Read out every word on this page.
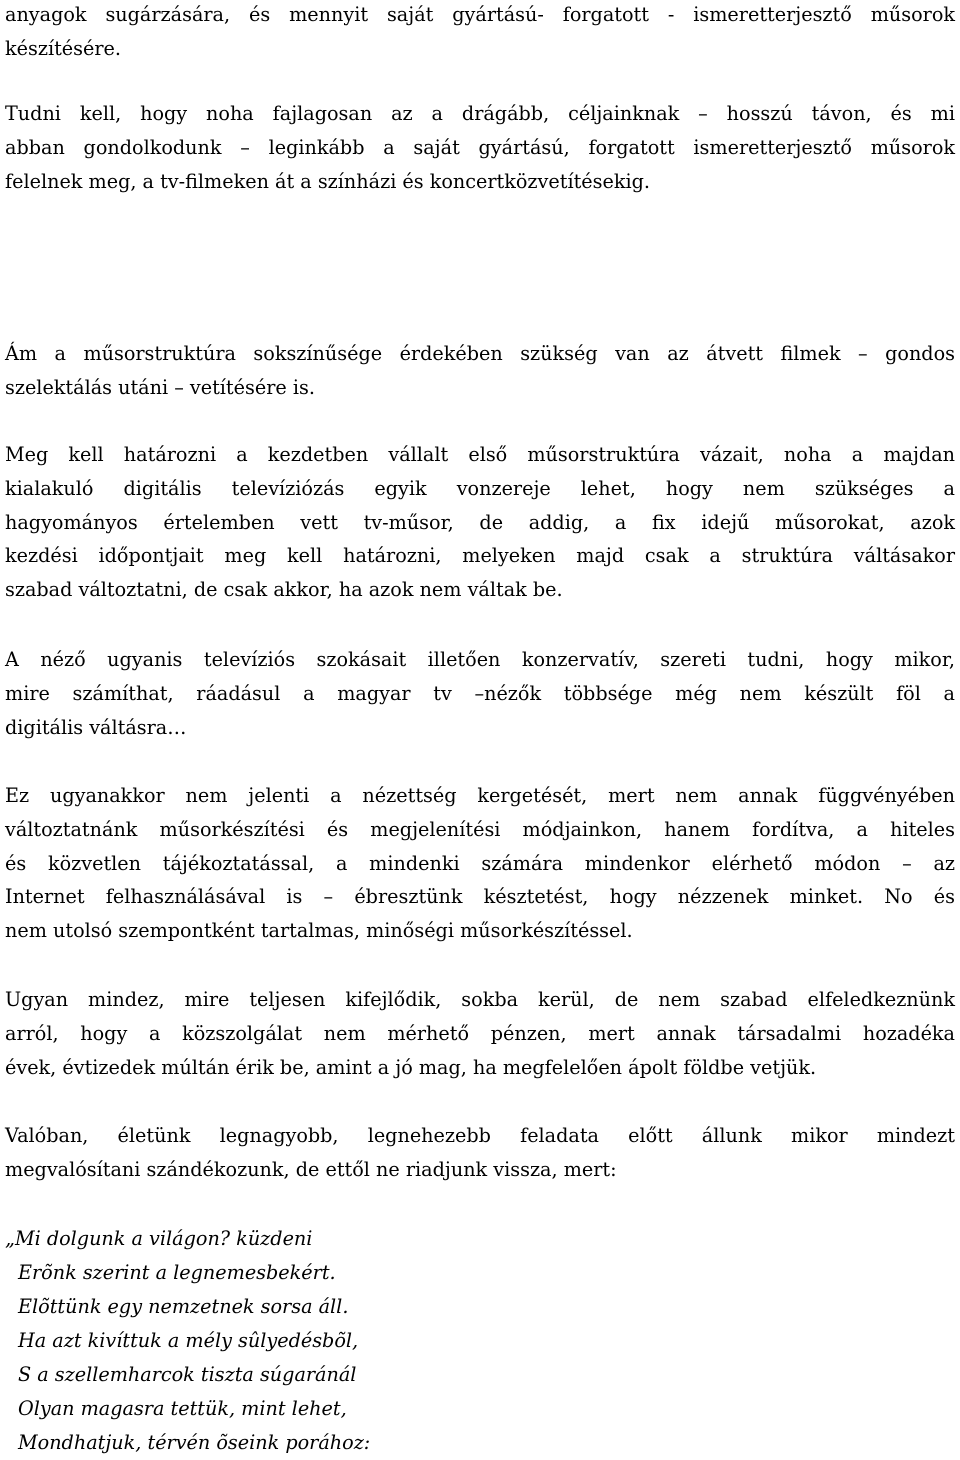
anyagok sugárzására, és mennyit saját gyártású- forgatott - ismeretterjesztő műsorok
készítésére.

Tudni kell, hogy noha fajlagosan az a drágább, céljainknak – hosszú távon, és mi
abban gondolkodunk – leginkább a saját gyártású, forgatott ismeretterjesztő műsorok
felelnek meg, a tv-filmeken át a színházi és koncertközvetítésekig.

Ám a műsorstruktúra sokszínűsége érdekében szükség van az átvett filmek – gondos
szelektálás utáni – vetítésére is.

Meg kell határozni a kezdetben vállalt első műsorstruktúra vázait, noha a majdan
kialakuló digitális televíziózás egyik vonzereje lehet, hogy nem szükséges a
hagyományos értelemben vett tv-műsor, de addig, a fix idejű műsorokat, azok
kezdési időpontjait meg kell határozni, melyeken majd csak a struktúra váltásakor
szabad változtatni, de csak akkor, ha azok nem váltak be.

A néző ugyanis televíziós szokásait illetően konzervatív, szereti tudni, hogy mikor,
mire számíthat, ráadásul a magyar tv –nézők többsége még nem készült föl a
digitális váltásra…

Ez ugyanakkor nem jelenti a nézettség kergetését, mert nem annak függvényében
változtatnánk műsorkészítési és megjelenítési módjainkon, hanem fordítva, a hiteles
és közvetlen tájékoztatással, a mindenki számára mindenkor elérhető módon – az
Internet felhasználásával is – ébresztünk késztetést, hogy nézzenek minket. No és
nem utolsó szempontként tartalmas, minőségi műsorkészítéssel.

Ugyan mindez, mire teljesen kifejlődik, sokba kerül, de nem szabad elfeledkeznünk
arról, hogy a közszolgálat nem mérhető pénzen, mert annak társadalmi hozadéka
évek, évtizedek múltán érik be, amint a jó mag, ha megfelelően ápolt földbe vetjük.

Valóban, életünk legnagyobb, legnehezebb feladata előtt állunk mikor mindezt
megvalósítani szándékozunk, de ettől ne riadjunk vissza, mert:

„Mi dolgunk a világon? küzdeni
Erõnk szerint a legnemesbekért.
Elõttünk egy nemzetnek sorsa áll.
Ha azt kivíttuk a mély sûlyedésbõl,
S a szellemharcok tiszta súgaránál
Olyan magasra tettük, mint lehet,
Mondhatjuk, térvén õseink porához:
